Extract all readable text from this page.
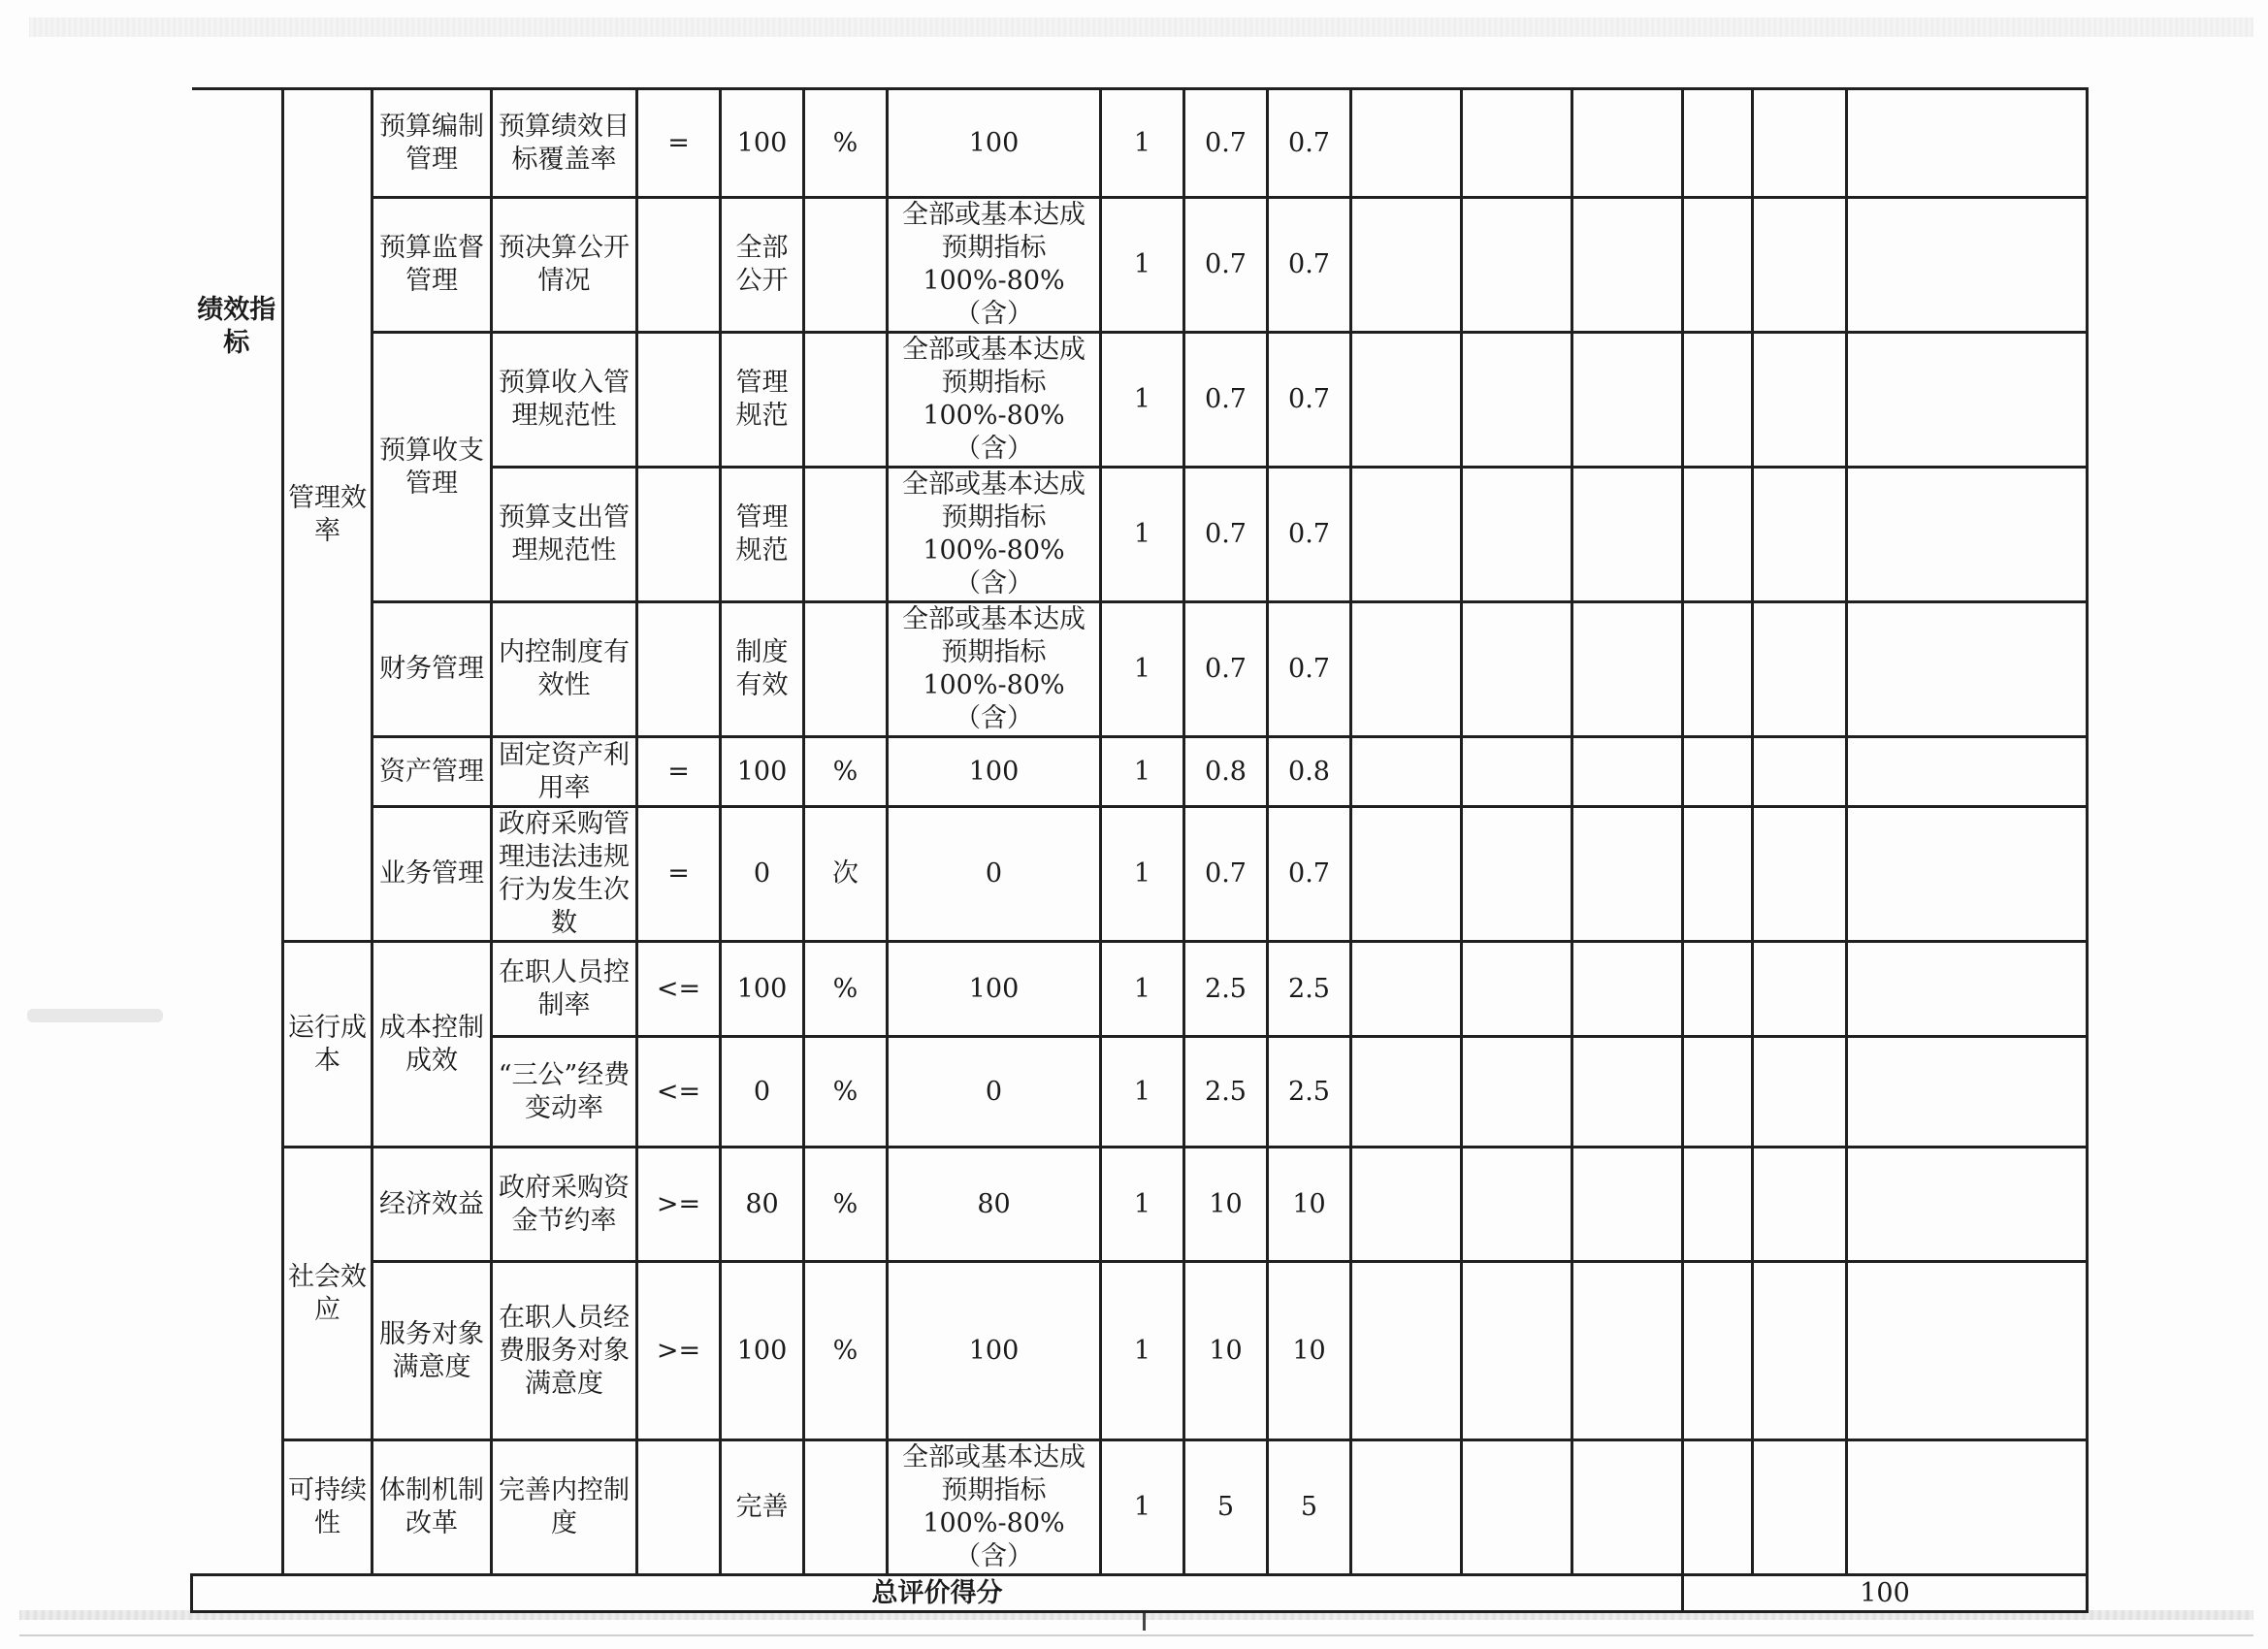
绩效指标	管理效率	预算编制管理	预算绩效目标覆盖率	=	100	%	100	1	0.7	0.7						
		预算监督管理	预决算公开情况		全部公开		全部或基本达成预期指标100%-80%（含）	1	0.7	0.7						
		预算收支管理	预算收入管理规范性		管理规范		全部或基本达成预期指标100%-80%（含）	1	0.7	0.7						
			预算支出管理规范性		管理规范		全部或基本达成预期指标100%-80%（含）	1	0.7	0.7						
		财务管理	内控制度有效性		制度有效		全部或基本达成预期指标100%-80%（含）	1	0.7	0.7						
		资产管理	固定资产利用率	=	100	%	100	1	0.8	0.8						
		业务管理	政府采购管理违法违规行为发生次数	=	0	次	0	1	0.7	0.7						
	运行成本	成本控制成效	在职人员控制率	<=	100	%	100	1	2.5	2.5						
			“三公”经费变动率	<=	0	%	0	1	2.5	2.5						
	社会效应	经济效益	政府采购资金节约率	>=	80	%	80	1	10	10						
		服务对象满意度	在职人员经费服务对象满意度	>=	100	%	100	1	10	10						
	可持续性	体制机制改革	完善内控制度		完善		全部或基本达成预期指标100%-80%（含）	1	5	5						
总评价得分														100		
